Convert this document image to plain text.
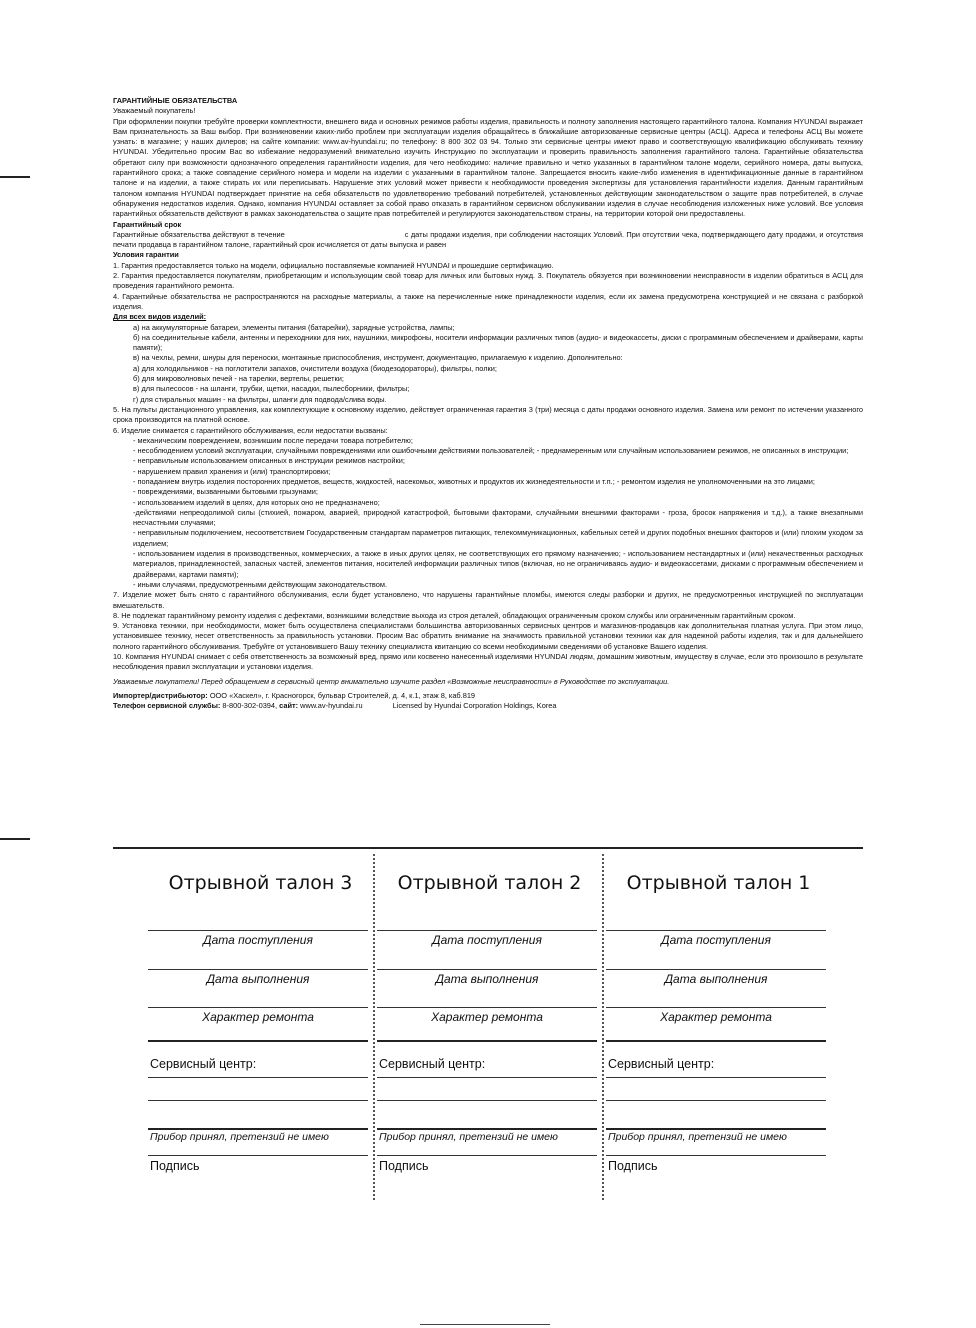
ГАРАНТИЙНЫЕ ОБЯЗАТЕЛЬСТВА

Уважаемый покупатель!

При оформлении покупки требуйте проверки комплектности, внешнего вида и основных режимов работы изделия, правильность и полноту заполнения настоящего гарантийного талона. Компания HYUNDAI выражает Вам признательность за Ваш выбор. При возникновении каких-либо проблем при эксплуатации изделия обращайтесь в ближайшие авторизованные сервисные центры (АСЦ). Адреса и телефоны АСЦ Вы можете узнать: в магазине; у наших дилеров; на сайте компании: www.av-hyundai.ru; по телефону: 8 800 302 03 94. Только эти сервисные центры имеют право и соответствующую квалификацию обслуживать технику HYUNDAI. Убедительно просим Вас во избежание недоразумений внимательно изучить Инструкцию по эксплуатации и проверить правильность заполнения гарантийного талона. Гарантийные обязательства обретают силу при возможности однозначного определения гарантийности изделия, для чего необходимо: наличие правильно и четко указанных в гарантийном талоне модели, серийного номера, даты выпуска, гарантийного срока; а также совпадение серийного номера и модели на изделии с указанными в гарантийном талоне. Запрещается вносить какие-либо изменения в идентификационные данные в гарантийном талоне и на изделии, а также стирать их или переписывать. Нарушение этих условий может привести к необходимости проведения экспертизы для установления гарантийности изделия. Данным гарантийным талоном компания HYUNDAI подтверждает принятие на себя обязательств по удовлетворению требований потребителей, установленных действующим законодательством о защите прав потребителей, в случае обнаружения недостатков изделия. Однако, компания HYUNDAI оставляет за собой право отказать в гарантийном сервисном обслуживании изделия в случае несоблюдения изложенных ниже условий. Все условия гарантийных обязательств действуют в рамках законодательства о защите прав потребителей и регулируются законодательством страны, на территории которой они предоставлены.

Гарантийный срок

Гарантийные обязательства действуют в течение	с даты продажи изделия, при соблюдении настоящих Условий. При отсутствии чека, подтверждающего дату продажи, и отсутствия печати продавца в гарантийном талоне, гарантийный срок исчисляется от даты выпуска и равен

Условия гарантии

1. Гарантия предоставляется только на модели, официально поставляемые компанией HYUNDAI и прошедшие сертификацию.

2. Гарантия предоставляется покупателям, приобретающим и использующим свой товар для личных или бытовых нужд. 3. Покупатель обязуется при возникновении неисправности в изделии обратиться в АСЦ для проведения гарантийного ремонта.

4. Гарантийные обязательства не распространяются на расходные материалы, а также на перечисленные ниже принадлежности изделия, если их замена предусмотрена конструкцией и не связана с разборкой изделия.

Для всех видов изделий:

а) на аккумуляторные батареи, элементы питания (батарейки), зарядные устройства, лампы;

б) на соединительные кабели, антенны и переходники для них, наушники, микрофоны, носители информации различных типов (аудио- и видеокассеты, диски с программным обеспечением и драйверами, карты памяти);

в) на чехлы, ремни, шнуры для переноски, монтажные приспособления, инструмент, документацию, прилагаемую к изделию. Дополнительно:

а) для холодильников - на поглотители запахов, очистители воздуха (биодезодораторы), фильтры, полки;

б) для микроволновых печей - на тарелки, вертелы, решетки;

в) для пылесосов - на шланги, трубки, щетки, насадки, пылесборники, фильтры;

г) для стиральных машин - на фильтры, шланги для подвода/слива воды.

5. На пульты дистанционного управления, как комплектующие к основному изделию, действует ограниченная гарантия 3 (три) месяца с даты продажи основного изделия. Замена или ремонт по истечении указанного срока производится на платной основе.

6. Изделие снимается с гарантийного обслуживания, если недостатки вызваны:

- механическим повреждением, возникшим после передачи товара потребителю;

- несоблюдением условий эксплуатации, случайными повреждениями или ошибочными действиями пользователей; - преднамеренным или случайным использованием режимов, не описанных в инструкции;

- неправильным использованием описанных в инструкции режимов настройки;

- нарушением правил хранения и (или) транспортировки;

- попаданием внутрь изделия посторонних предметов, веществ, жидкостей, насекомых, животных и продуктов их жизнедеятельности и т.п.; - ремонтом изделия не уполномоченными на это лицами;

- повреждениями, вызванными бытовыми грызунами;

- использованием изделий в целях, для которых оно не предназначено;

-действиями непреодолимой силы (стихией, пожаром, аварией, природной катастрофой, бытовыми факторами, случайными внешними факторами - гроза, бросок напряжения и т.д.), а также внезапными несчастными случаями;

- неправильным подключением, несоответствием Государственным стандартам параметров питающих, телекоммуникационных, кабельных сетей и других подобных внешних факторов и (или) плохим уходом за изделием;

- использованием изделия в производственных, коммерческих, а также в иных других целях, не соответствующих его прямому назначению; - использованием нестандартных и (или) некачественных расходных материалов, принадлежностей, запасных частей, элементов питания, носителей информации различных типов (включая, но не ограничиваясь аудио- и видеокассетами, дисками с программным обеспечением и драйверами, картами памяти);

- иными случаями, предусмотренными действующим законодательством.

7. Изделие может быть снято с гарантийного обслуживания, если будет установлено, что нарушены гарантийные пломбы, имеются следы разборки и других, не предусмотренных инструкцией по эксплуатации вмешательств.

8. Не подлежат гарантийному ремонту изделия с дефектами, возникшими вследствие выхода из строя деталей, обладающих ограниченным сроком службы или ограниченным гарантийным сроком.

9. Установка техники, при необходимости, может быть осуществлена специалистами большинства авторизованных сервисных центров и магазинов-продавцов как дополнительная платная услуга. При этом лицо, установившее технику, несет ответственность за правильность установки. Просим Вас обратить внимание на значимость правильной установки техники как для надежной работы изделия, так и для дальнейшего полного гарантийного обслуживания. Требуйте от установившего Вашу технику специалиста квитанцию со всеми необходимыми сведениями об установке Вашего изделия.

10. Компания HYUNDAI снимает с себя ответственность за возможный вред, прямо или косвенно нанесенный изделиями HYUNDAI людям, домашним животным, имуществу в случае, если это произошло в результате несоблюдения правил эксплуатации и установки изделия.

Уважаемые покупатели! Перед обращением в сервисный центр внимательно изучите раздел «Возможные неисправности» в Руководстве по эксплуатации.

Импортер/дистрибьютор: ООО «Хаскел», г. Красногорск, бульвар Строителей, д. 4, к.1, этаж 8, каб.819

Телефон сервисной службы: 8-800-302-0394, сайт: www.av-hyundai.ru	Licensed by Hyundai Corporation Holdings, Korea

Отрывной талон 3
Дата поступления
Дата выполнения
Характер ремонта
Сервисный центр:
Прибор принял, претензий не имею
Подпись
Отрывной талон 2
Дата поступления
Дата выполнения
Характер ремонта
Сервисный центр:
Прибор принял, претензий не имею
Подпись
Отрывной талон 1
Дата поступления
Дата выполнения
Характер ремонта
Сервисный центр:
Прибор принял, претензий не имею
Подпись
